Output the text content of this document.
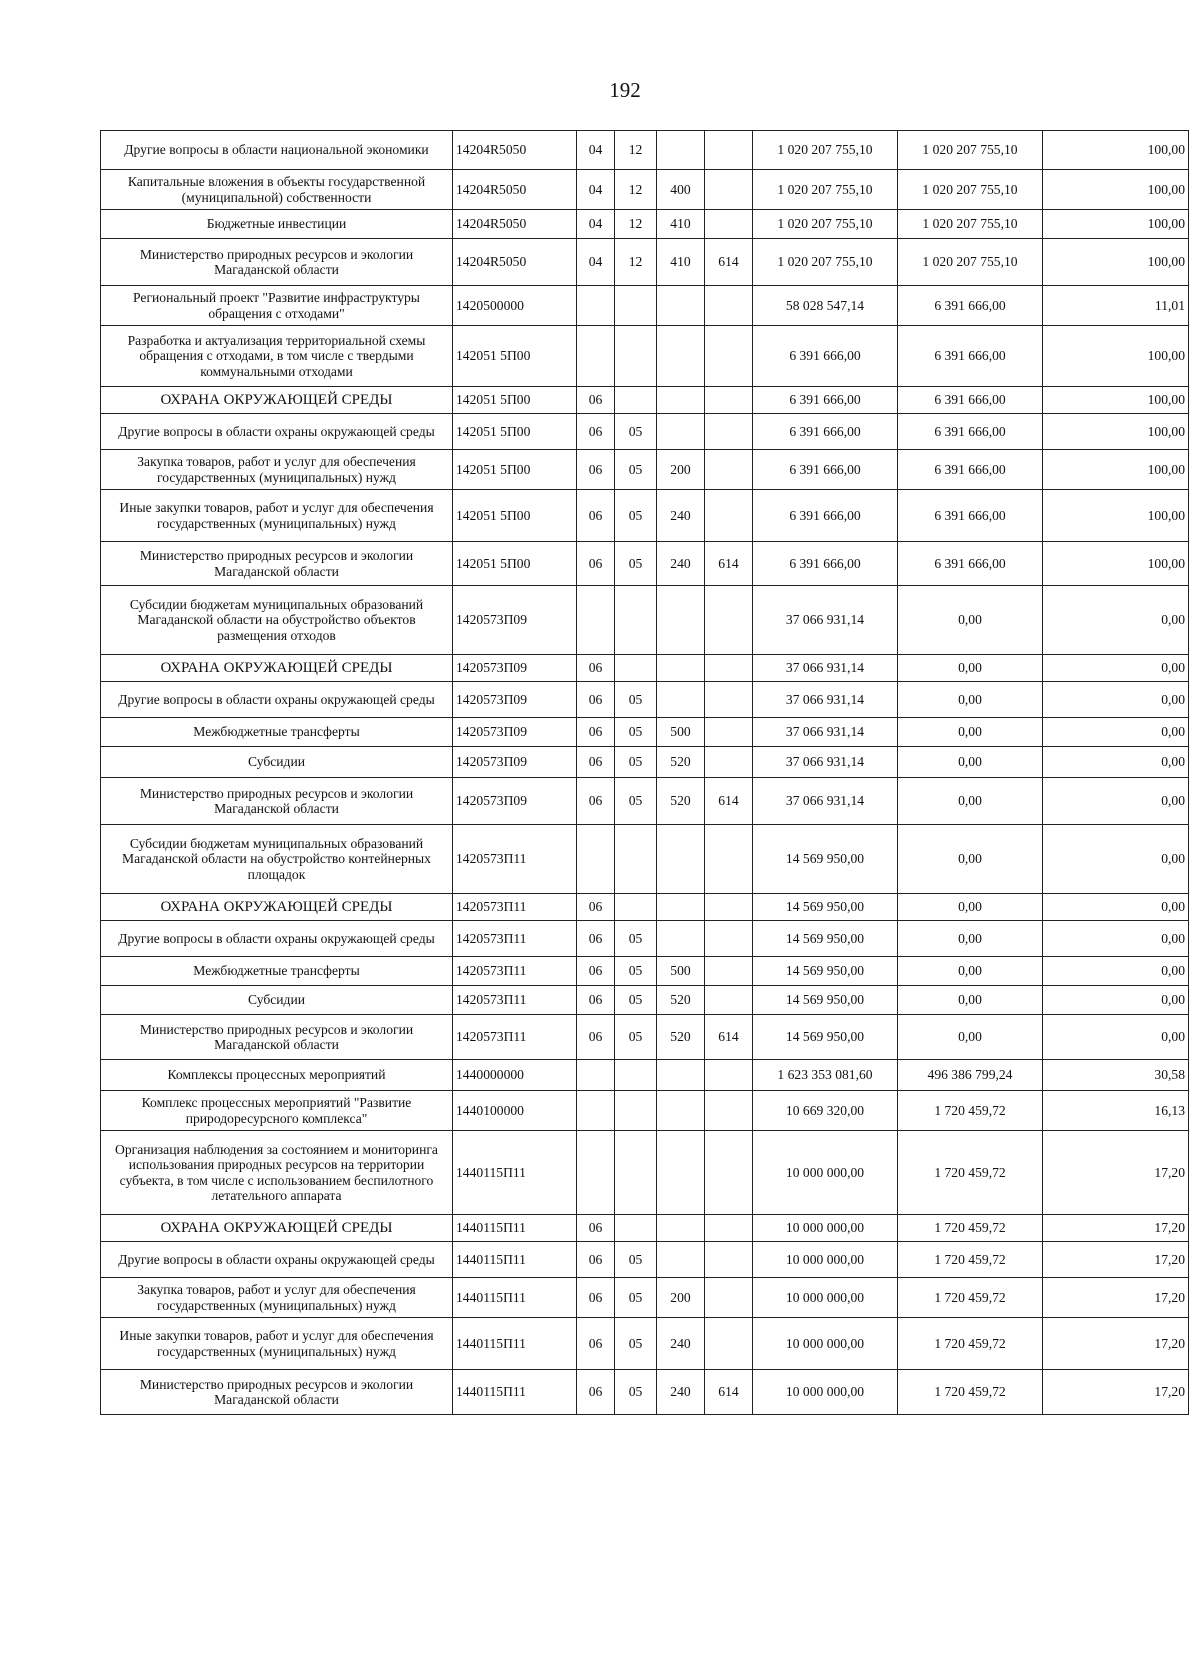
192
Другие вопросы в области национальной экономики	14204R5050	04	12			1 020 207 755,10	1 020 207 755,10	100,00
Капитальные вложения в объекты государственной (муниципальной) собственности	14204R5050	04	12	400		1 020 207 755,10	1 020 207 755,10	100,00
Бюджетные инвестиции	14204R5050	04	12	410		1 020 207 755,10	1 020 207 755,10	100,00
Министерство природных ресурсов и экологии Магаданской области	14204R5050	04	12	410	614	1 020 207 755,10	1 020 207 755,10	100,00
Региональный проект "Развитие инфраструктуры обращения с отходами"	1420500000					58 028 547,14	6 391 666,00	11,01
Разработка и актуализация территориальной схемы обращения с отходами, в том числе с твердыми коммунальными отходами	142051 5П00					6 391 666,00	6 391 666,00	100,00
ОХРАНА ОКРУЖАЮЩЕЙ СРЕДЫ	142051 5П00	06				6 391 666,00	6 391 666,00	100,00
Другие вопросы в области охраны окружающей среды	142051 5П00	06	05			6 391 666,00	6 391 666,00	100,00
Закупка товаров, работ и услуг для обеспечения государственных (муниципальных) нужд	142051 5П00	06	05	200		6 391 666,00	6 391 666,00	100,00
Иные закупки товаров, работ и услуг для обеспечения государственных (муниципальных) нужд	142051 5П00	06	05	240		6 391 666,00	6 391 666,00	100,00
Министерство природных ресурсов и экологии Магаданской области	142051 5П00	06	05	240	614	6 391 666,00	6 391 666,00	100,00
Субсидии бюджетам муниципальных образований Магаданской области на обустройство объектов размещения отходов	1420573П09					37 066 931,14	0,00	0,00
ОХРАНА ОКРУЖАЮЩЕЙ СРЕДЫ	1420573П09	06				37 066 931,14	0,00	0,00
Другие вопросы в области охраны окружающей среды	1420573П09	06	05			37 066 931,14	0,00	0,00
Межбюджетные трансферты	1420573П09	06	05	500		37 066 931,14	0,00	0,00
Субсидии	1420573П09	06	05	520		37 066 931,14	0,00	0,00
Министерство природных ресурсов и экологии Магаданской области	1420573П09	06	05	520	614	37 066 931,14	0,00	0,00
Субсидии бюджетам муниципальных образований Магаданской области на обустройство контейнерных площадок	1420573П11					14 569 950,00	0,00	0,00
ОХРАНА ОКРУЖАЮЩЕЙ СРЕДЫ	1420573П11	06				14 569 950,00	0,00	0,00
Другие вопросы в области охраны окружающей среды	1420573П11	06	05			14 569 950,00	0,00	0,00
Межбюджетные трансферты	1420573П11	06	05	500		14 569 950,00	0,00	0,00
Субсидии	1420573П11	06	05	520		14 569 950,00	0,00	0,00
Министерство природных ресурсов и экологии Магаданской области	1420573П11	06	05	520	614	14 569 950,00	0,00	0,00
Комплексы процессных мероприятий	1440000000					1 623 353 081,60	496 386 799,24	30,58
Комплекс процессных мероприятий "Развитие природоресурсного комплекса"	1440100000					10 669 320,00	1 720 459,72	16,13
Организация наблюдения за состоянием и мониторинга использования природных ресурсов на территории субъекта, в том числе с использованием беспилотного летательного аппарата	1440115П11					10 000 000,00	1 720 459,72	17,20
ОХРАНА ОКРУЖАЮЩЕЙ СРЕДЫ	1440115П11	06				10 000 000,00	1 720 459,72	17,20
Другие вопросы в области охраны окружающей среды	1440115П11	06	05			10 000 000,00	1 720 459,72	17,20
Закупка товаров, работ и услуг для обеспечения государственных (муниципальных) нужд	1440115П11	06	05	200		10 000 000,00	1 720 459,72	17,20
Иные закупки товаров, работ и услуг для обеспечения государственных (муниципальных) нужд	1440115П11	06	05	240		10 000 000,00	1 720 459,72	17,20
Министерство природных ресурсов и экологии Магаданской области	1440115П11	06	05	240	614	10 000 000,00	1 720 459,72	17,20
